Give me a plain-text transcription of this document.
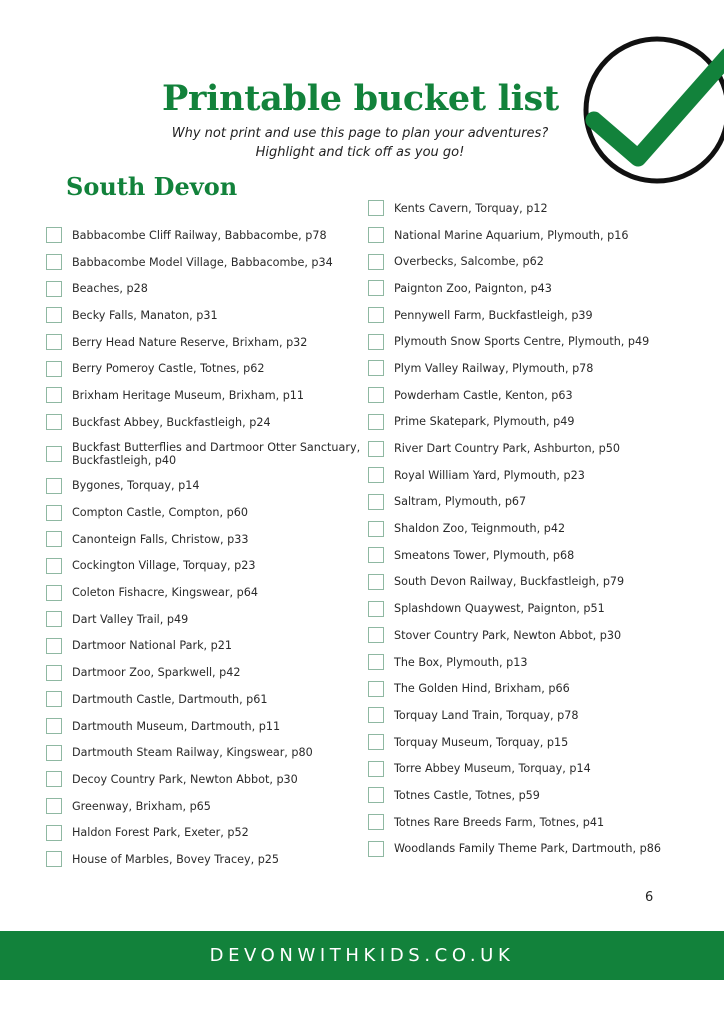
Printable bucket list
Why not print and use this page to plan your adventures?
Highlight and tick off as you go!
South Devon
Babbacombe Cliff Railway, Babbacombe, p78
Babbacombe Model Village, Babbacombe, p34
Beaches, p28
Becky Falls, Manaton, p31
Berry Head Nature Reserve, Brixham, p32
Berry Pomeroy Castle, Totnes, p62
Brixham Heritage Museum, Brixham, p11
Buckfast Abbey, Buckfastleigh, p24
Buckfast Butterflies and Dartmoor Otter Sanctuary, Buckfastleigh, p40
Bygones, Torquay, p14
Compton Castle, Compton, p60
Canonteign Falls, Christow, p33
Cockington Village, Torquay, p23
Coleton Fishacre, Kingswear, p64
Dart Valley Trail, p49
Dartmoor National Park, p21
Dartmoor Zoo, Sparkwell, p42
Dartmouth Castle, Dartmouth, p61
Dartmouth Museum, Dartmouth, p11
Dartmouth Steam Railway, Kingswear, p80
Decoy Country Park, Newton Abbot, p30
Greenway, Brixham, p65
Haldon Forest Park, Exeter, p52
House of Marbles, Bovey Tracey, p25
Kents Cavern, Torquay, p12
National Marine Aquarium, Plymouth, p16
Overbecks, Salcombe, p62
Paignton Zoo, Paignton, p43
Pennywell Farm, Buckfastleigh, p39
Plymouth Snow Sports Centre, Plymouth, p49
Plym Valley Railway, Plymouth, p78
Powderham Castle, Kenton, p63
Prime Skatepark, Plymouth, p49
River Dart Country Park, Ashburton, p50
Royal William Yard, Plymouth, p23
Saltram, Plymouth, p67
Shaldon Zoo, Teignmouth, p42
Smeatons Tower, Plymouth, p68
South Devon Railway, Buckfastleigh, p79
Splashdown Quaywest, Paignton, p51
Stover Country Park, Newton Abbot, p30
The Box, Plymouth, p13
The Golden Hind, Brixham, p66
Torquay Land Train, Torquay, p78
Torquay Museum, Torquay, p15
Torre Abbey Museum, Torquay, p14
Totnes Castle, Totnes, p59
Totnes Rare Breeds Farm, Totnes, p41
Woodlands Family Theme Park, Dartmouth, p86
6
DEVONWITHKIDS.CO.UK
